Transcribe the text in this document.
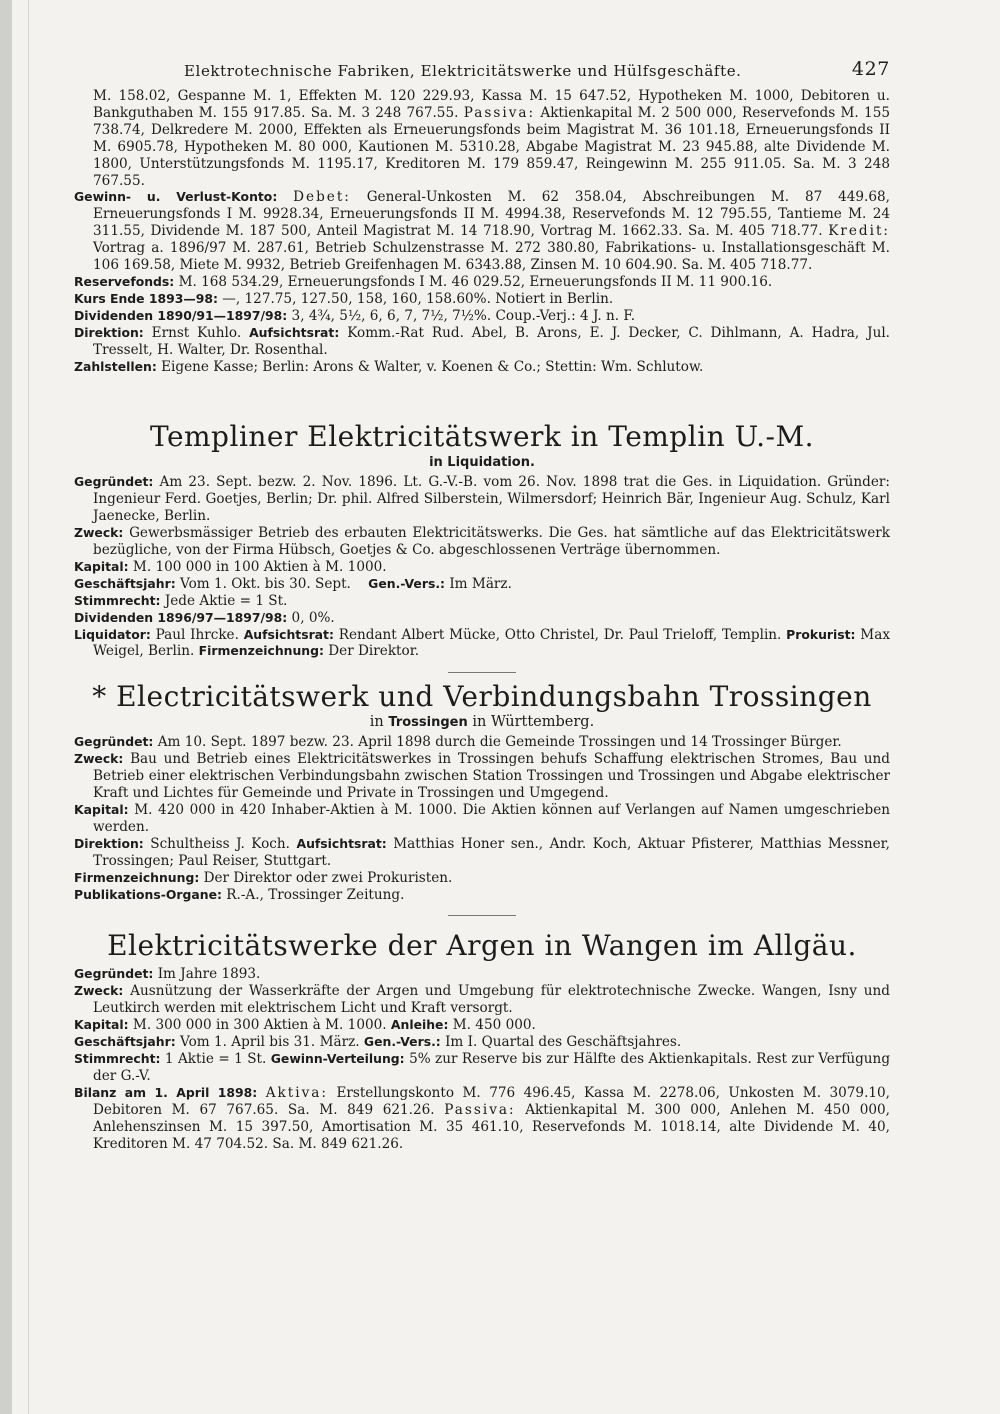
Elektrotechnische Fabriken, Elektricitätswerke und Hülfsgeschäfte.	427

M. 158.02, Gespanne M. 1, Effekten M. 120 229.93, Kassa M. 15 647.52, Hypotheken M. 1000, Debitoren u. Bankguthaben M. 155 917.85. Sa. M. 3 248 767.55. Passiva: Aktienkapital M. 2 500 000, Reservefonds M. 155 738.74, Delkredere M. 2000, Effekten als Erneuerungsfonds beim Magistrat M. 36 101.18, Erneuerungsfonds II M. 6905.78, Hypotheken M. 80 000, Kautionen M. 5310.28, Abgabe Magistrat M. 23 945.88, alte Dividende M. 1800, Unterstützungsfonds M. 1195.17, Kreditoren M. 179 859.47, Reingewinn M. 255 911.05. Sa. M. 3 248 767.55.

Gewinn- u. Verlust-Konto: Debet: General-Unkosten M. 62 358.04, Abschreibungen M. 87 449.68, Erneuerungsfonds I M. 9928.34, Erneuerungsfonds II M. 4994.38, Reservefonds M. 12 795.55, Tantieme M. 24 311.55, Dividende M. 187 500, Anteil Magistrat M. 14 718.90, Vortrag M. 1662.33. Sa. M. 405 718.77. Kredit: Vortrag a. 1896/97 M. 287.61, Betrieb Schulzenstrasse M. 272 380.80, Fabrikations- u. Installationsgeschäft M. 106 169.58, Miete M. 9932, Betrieb Greifenhagen M. 6343.88, Zinsen M. 10 604.90. Sa. M. 405 718.77.

Reservefonds: M. 168 534.29, Erneuerungsfonds I M. 46 029.52, Erneuerungsfonds II M. 11 900.16.

Kurs Ende 1893—98: —, 127.75, 127.50, 158, 160, 158.60%. Notiert in Berlin.

Dividenden 1890/91—1897/98: 3, 4¾, 5½, 6, 6, 7, 7½, 7½%. Coup.-Verj.: 4 J. n. F.

Direktion: Ernst Kuhlo. Aufsichtsrat: Komm.-Rat Rud. Abel, B. Arons, E. J. Decker, C. Dihlmann, A. Hadra, Jul. Tresselt, H. Walter, Dr. Rosenthal.

Zahlstellen: Eigene Kasse; Berlin: Arons & Walter, v. Koenen & Co.; Stettin: Wm. Schlutow.

Templiner Elektricitätswerk in Templin U.-M.
in Liquidation.

Gegründet: Am 23. Sept. bezw. 2. Nov. 1896. Lt. G.-V.-B. vom 26. Nov. 1898 trat die Ges. in Liquidation. Gründer: Ingenieur Ferd. Goetjes, Berlin; Dr. phil. Alfred Silberstein, Wilmersdorf; Heinrich Bär, Ingenieur Aug. Schulz, Karl Jaenecke, Berlin.

Zweck: Gewerbsmässiger Betrieb des erbauten Elektricitätswerks. Die Ges. hat sämtliche auf das Elektricitätswerk bezügliche, von der Firma Hübsch, Goetjes & Co. abgeschlossenen Verträge übernommen.

Kapital: M. 100 000 in 100 Aktien à M. 1000.

Geschäftsjahr: Vom 1. Okt. bis 30. Sept. Gen.-Vers.: Im März.

Stimmrecht: Jede Aktie = 1 St.

Dividenden 1896/97—1897/98: 0, 0%.

Liquidator: Paul Ihrcke. Aufsichtsrat: Rendant Albert Mücke, Otto Christel, Dr. Paul Trieloff, Templin. Prokurist: Max Weigel, Berlin. Firmenzeichnung: Der Direktor.

* Electricitätswerk und Verbindungsbahn Trossingen
in Trossingen in Württemberg.

Gegründet: Am 10. Sept. 1897 bezw. 23. April 1898 durch die Gemeinde Trossingen und 14 Trossinger Bürger.

Zweck: Bau und Betrieb eines Elektricitätswerkes in Trossingen behufs Schaffung elektrischen Stromes, Bau und Betrieb einer elektrischen Verbindungsbahn zwischen Station Trossingen und Trossingen und Abgabe elektrischer Kraft und Lichtes für Gemeinde und Private in Trossingen und Umgegend.

Kapital: M. 420 000 in 420 Inhaber-Aktien à M. 1000. Die Aktien können auf Verlangen auf Namen umgeschrieben werden.

Direktion: Schultheiss J. Koch. Aufsichtsrat: Matthias Honer sen., Andr. Koch, Aktuar Pfisterer, Matthias Messner, Trossingen; Paul Reiser, Stuttgart.

Firmenzeichnung: Der Direktor oder zwei Prokuristen.

Publikations-Organe: R.-A., Trossinger Zeitung.

Elektricitätswerke der Argen in Wangen im Allgäu.

Gegründet: Im Jahre 1893.

Zweck: Ausnützung der Wasserkräfte der Argen und Umgebung für elektrotechnische Zwecke. Wangen, Isny und Leutkirch werden mit elektrischem Licht und Kraft versorgt.

Kapital: M. 300 000 in 300 Aktien à M. 1000. Anleihe: M. 450 000.

Geschäftsjahr: Vom 1. April bis 31. März. Gen.-Vers.: Im I. Quartal des Geschäftsjahres.

Stimmrecht: 1 Aktie = 1 St. Gewinn-Verteilung: 5% zur Reserve bis zur Hälfte des Aktienkapitals. Rest zur Verfügung der G.-V.

Bilanz am 1. April 1898: Aktiva: Erstellungskonto M. 776 496.45, Kassa M. 2278.06, Unkosten M. 3079.10, Debitoren M. 67 767.65. Sa. M. 849 621.26. Passiva: Aktienkapital M. 300 000, Anlehen M. 450 000, Anlehenszinsen M. 15 397.50, Amortisation M. 35 461.10, Reservefonds M. 1018.14, alte Dividende M. 40, Kreditoren M. 47 704.52. Sa. M. 849 621.26.
